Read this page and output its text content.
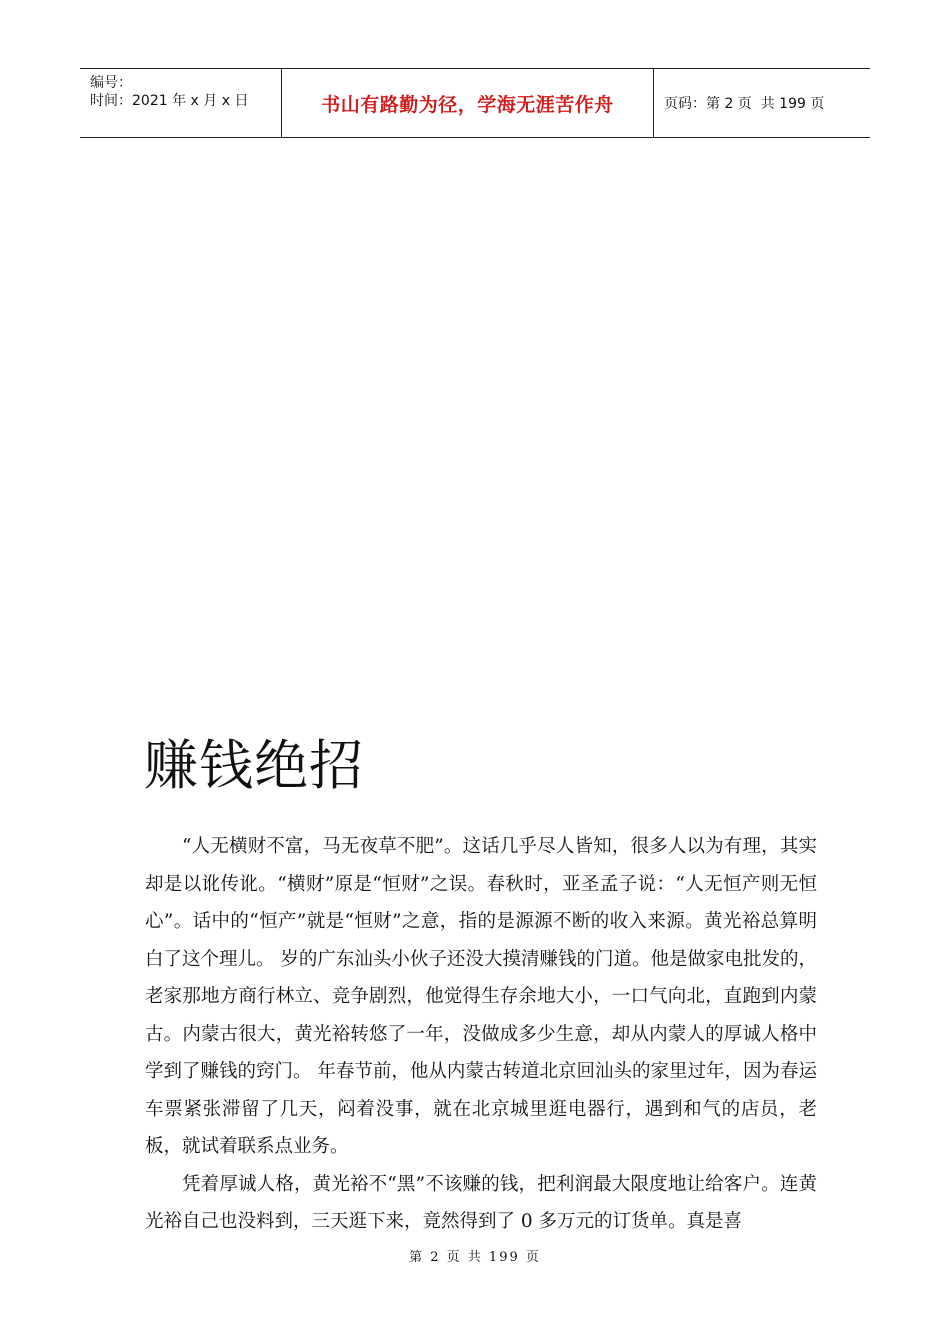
编号：
时间：2021 年 x 月 x 日	书山有路勤为径，学海无涯苦作舟	页码：第 2 页  共 199 页
赚钱绝招

“人无横财不富，马无夜草不肥”。这话几乎尽人皆知，很多人以为有理，其实却是以讹传讹。“横财”原是“恒财”之误。春秋时，亚圣孟子说：“人无恒产则无恒心”。话中的“恒产”就是“恒财”之意，指的是源源不断的收入来源。黄光裕总算明白了这个理儿。 岁的广东汕头小伙子还没大摸清赚钱的门道。他是做家电批发的，老家那地方商行林立、竞争剧烈，他觉得生存余地大小，一口气向北，直跑到内蒙古。内蒙古很大，黄光裕转悠了一年，没做成多少生意，却从内蒙人的厚诚人格中学到了赚钱的窍门。 年春节前，他从内蒙古转道北京回汕头的家里过年，因为春运车票紧张滞留了几天，闷着没事，就在北京城里逛电器行，遇到和气的店员，老板，就试着联系点业务。

凭着厚诚人格，黄光裕不“黑”不该赚的钱，把利润最大限度地让给客户。连黄光裕自己也没料到，三天逛下来，竟然得到了 0 多万元的订货单。真是喜

第 2 页 共 199 页
